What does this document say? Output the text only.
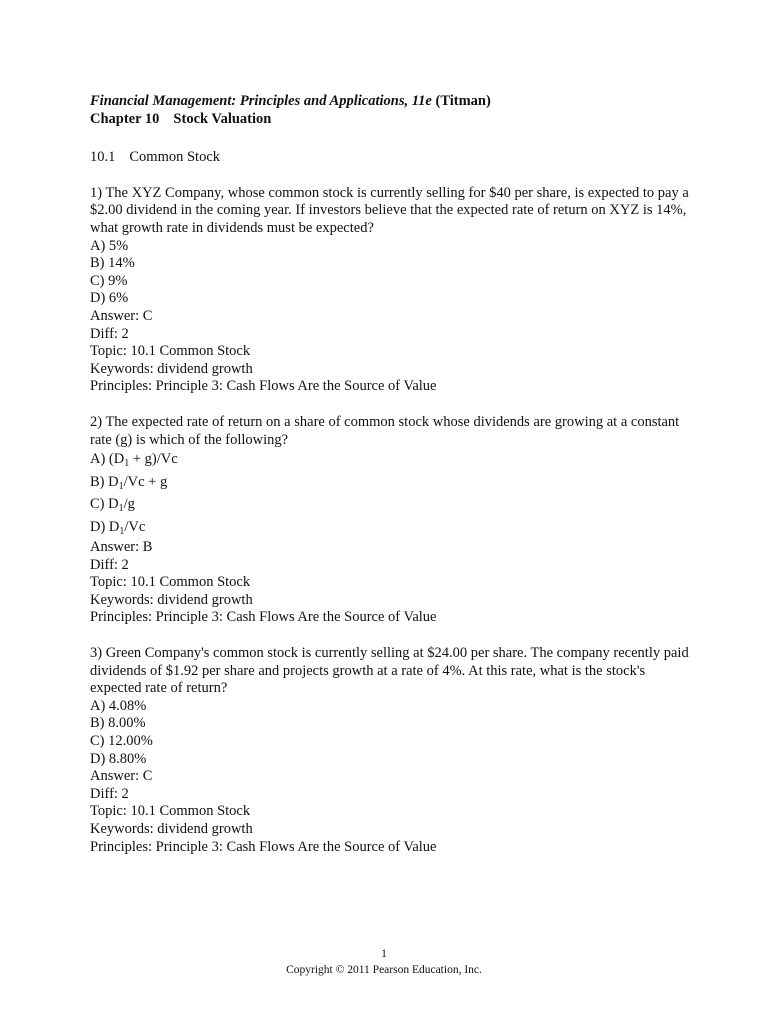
Financial Management: Principles and Applications, 11e (Titman)

Chapter 10 Stock Valuation

10.1 Common Stock

1) The XYZ Company, whose common stock is currently selling for $40 per share, is expected to pay a $2.00 dividend in the coming year. If investors believe that the expected rate of return on XYZ is 14%, what growth rate in dividends must be expected?

A) 5%

B) 14%

C) 9%

D) 6%

Answer: C

Diff: 2

Topic: 10.1 Common Stock

Keywords: dividend growth

Principles: Principle 3: Cash Flows Are the Source of Value

2) The expected rate of return on a share of common stock whose dividends are growing at a constant rate (g) is which of the following?

A) $(D_1 + g)/Vc$

B) $D_1/Vc + g$

C) $D_1/g$

D) $D_1/Vc$

Answer: B

Diff: 2

Topic: 10.1 Common Stock

Keywords: dividend growth

Principles: Principle 3: Cash Flows Are the Source of Value

3) Green Company's common stock is currently selling at $24.00 per share. The company recently paid dividends of $1.92 per share and projects growth at a rate of 4%. At this rate, what is the stock's expected rate of return?

A) 4.08%

B) 8.00%

C) 12.00%

D) 8.80%

Answer: C

Diff: 2

Topic: 10.1 Common Stock

Keywords: dividend growth

Principles: Principle 3: Cash Flows Are the Source of Value

1
Copyright © 2011 Pearson Education, Inc.
